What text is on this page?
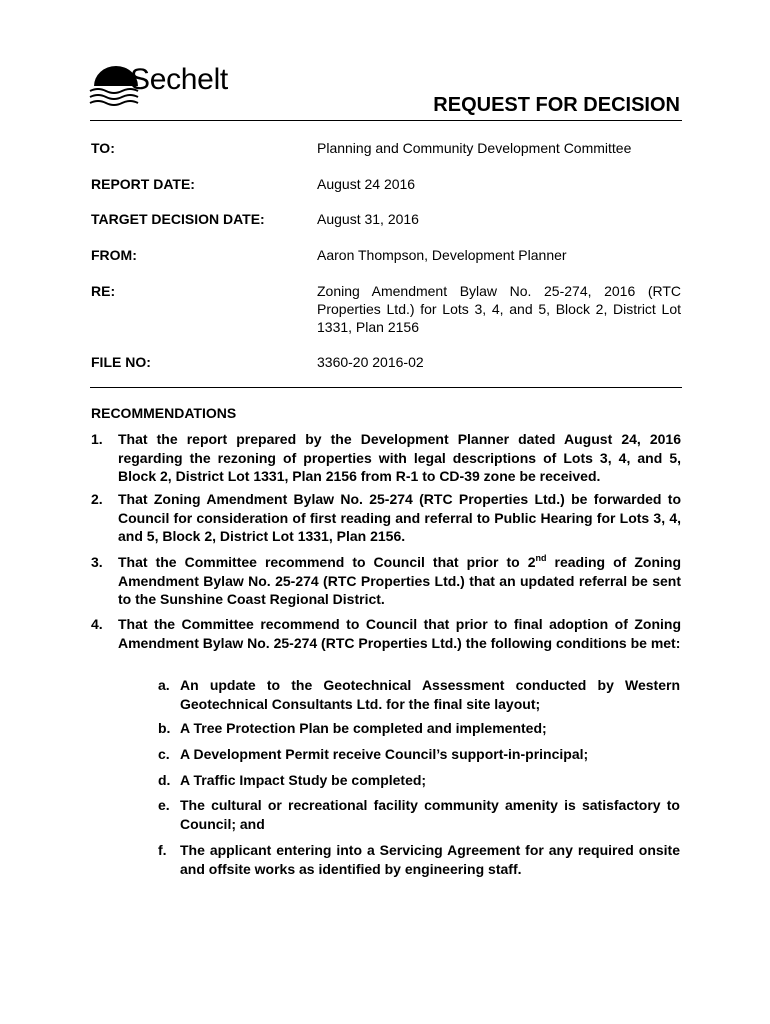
Sechelt
REQUEST FOR DECISION
TO:	Planning and Community Development Committee
REPORT DATE:	August 24 2016
TARGET DECISION DATE:	August 31, 2016
FROM:	Aaron Thompson, Development Planner
RE:	Zoning Amendment Bylaw No. 25-274, 2016 (RTC Properties Ltd.) for Lots 3, 4, and 5, Block 2, District Lot 1331, Plan 2156
FILE NO:	3360-20 2016-02
RECOMMENDATIONS
1. That the report prepared by the Development Planner dated August 24, 2016 regarding the rezoning of properties with legal descriptions of Lots 3, 4, and 5, Block 2, District Lot 1331, Plan 2156 from R-1 to CD-39 zone be received.
2. That Zoning Amendment Bylaw No. 25-274 (RTC Properties Ltd.) be forwarded to Council for consideration of first reading and referral to Public Hearing for Lots 3, 4, and 5, Block 2, District Lot 1331, Plan 2156.
3. That the Committee recommend to Council that prior to 2nd reading of Zoning Amendment Bylaw No. 25-274 (RTC Properties Ltd.) that an updated referral be sent to the Sunshine Coast Regional District.
4. That the Committee recommend to Council that prior to final adoption of Zoning Amendment Bylaw No. 25-274 (RTC Properties Ltd.) the following conditions be met:
a. An update to the Geotechnical Assessment conducted by Western Geotechnical Consultants Ltd. for the final site layout;
b. A Tree Protection Plan be completed and implemented;
c. A Development Permit receive Council’s support-in-principal;
d. A Traffic Impact Study be completed;
e. The cultural or recreational facility community amenity is satisfactory to Council; and
f. The applicant entering into a Servicing Agreement for any required onsite and offsite works as identified by engineering staff.
